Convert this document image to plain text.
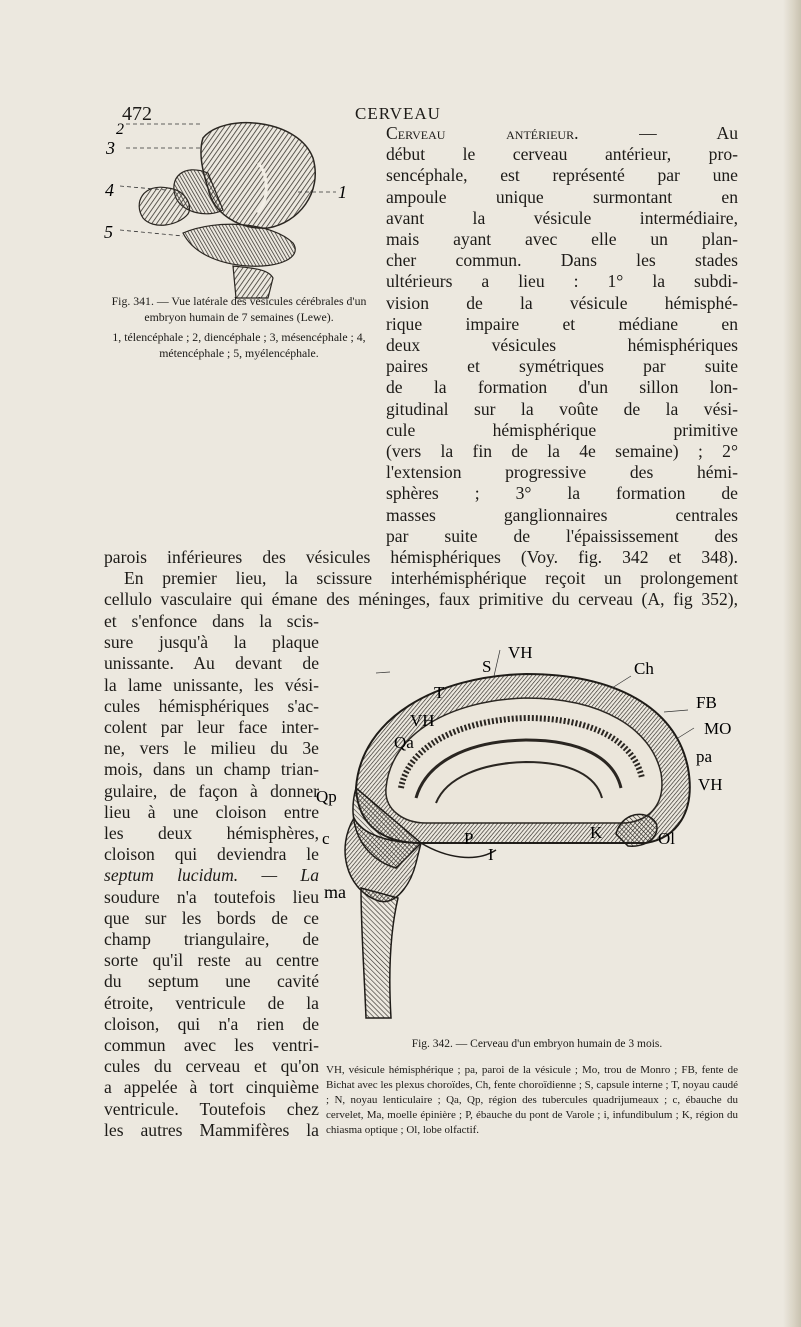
472	CERVEAU
2
3
4
5
1
Fig. 341. — Vue latérale des vésicules cérébrales d'un embryon humain de 7 semaines (Lewe).
1, télencéphale ; 2, diencéphale ; 3, mésencéphale ; 4, métencéphale ; 5, myélencéphale.
Cerveau antérieur. —	Au
début le cerveau antérieur, pro-
sencéphale, est représenté par une
ampoule unique surmontant en
avant la vésicule intermédiaire,
mais ayant avec elle un plan-
cher commun. Dans les stades
ultérieurs a lieu : 1° la subdi-
vision de la vésicule hémisphé-
rique impaire et médiane en
deux vésicules hémisphériques
paires et symétriques par suite
de la formation d'un sillon lon-
gitudinal sur la voûte de la vési-
cule hémisphérique primitive
(vers la fin de la 4e semaine) ; 2°
l'extension progressive des hémi-
sphères ; 3° la formation de
masses ganglionnaires centrales
par suite de l'épaississement des
parois inférieures des vésicules hémisphériques (Voy. fig. 342 et 348).
En premier lieu, la scissure interhémisphérique reçoit un prolongement
cellulo vasculaire qui émane des méninges, faux primitive du cerveau (A, fig 352),
et s'enfonce dans la scis-
sure jusqu'à la plaque
unissante. Au devant de
la lame unissante, les vési-
cules hémisphériques s'ac-
colent par leur face inter-
ne, vers le milieu du 3e
mois, dans un champ trian-
gulaire, de façon à donner
lieu à une cloison entre
les deux hémisphères,
cloison qui deviendra le
septum lucidum. — La
soudure n'a toutefois lieu
que sur les bords de ce
champ triangulaire, de
sorte qu'il reste au centre
du septum une cavité
étroite, ventricule de la
cloison, qui n'a rien de
commun avec les ventri-
cules du cerveau et qu'on
a appelée à tort cinquième
ventricule. Toutefois chez
les autres Mammifères la
S
VH
Ch
T
FB
MO
VH
Qa
pa
VH
Qp
c	K	Ol
P
I
ma
Fig. 342. — Cerveau d'un embryon humain de 3 mois.
VH, vésicule hémisphérique ; pa, paroi de la vésicule ; Mo, trou de Monro ; FB, fente de Bichat avec les plexus choroïdes, Ch, fente choroïdienne ; S, capsule interne ; T, noyau caudé ; N, noyau lenticulaire ; Qa, Qp, région des tubercules quadrijumeaux ; c, ébauche du cervelet, Ma, moelle épinière ; P, ébauche du pont de Varole ; i, infundibulum ; K, région du chiasma optique ; Ol, lobe olfactif.
